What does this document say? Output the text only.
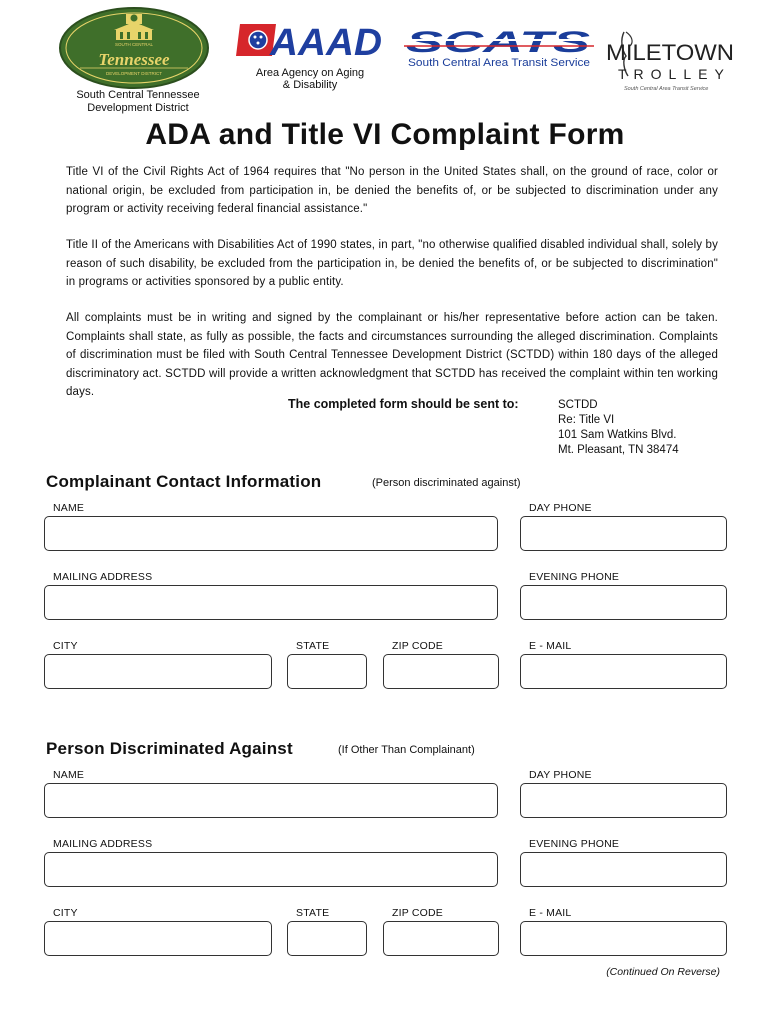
SOUTH CENTRAL
Tennessee
DEVELOPMENT DISTRICT
South Central Tennessee
Development District
AAAD
Area Agency on Aging
& Disability
SCATS
South Central Area Transit Service MILETOWN
TROLLEY
South Central Area Transit Service
ADA and Title VI Complaint Form
Title VI of the Civil Rights Act of 1964 requires that "No person in the United States shall, on the ground of race, color or national origin, be excluded from participation in, be denied the benefits of, or be subjected to discrimination under any program or activity receiving federal financial assistance."
Title II of the Americans with Disabilities Act of 1990 states, in part, "no otherwise qualified disabled individual shall, solely by reason of such disability, be excluded from the participation in, be denied the benefits of, or be subjected to discrimination" in programs or activities sponsored by a public entity.
All complaints must be in writing and signed by the complainant or his/her representative before action can be taken. Complaints shall state, as fully as possible, the facts and circumstances surrounding the alleged discrimination. Complaints of discrimination must be filed with South Central Tennessee Development District (SCTDD) within 180 days of the alleged discriminatory act. SCTDD will provide a written acknowledgment that SCTDD has received the complaint within ten working days.
The completed form should be sent to:	SCTDD
Re: Title VI
101 Sam Watkins Blvd.
Mt. Pleasant, TN 38474
Complainant Contact Information	(Person discriminated against)
NAME	DAY PHONE
MAILING ADDRESS	EVENING PHONE
CITY	STATE	ZIP CODE	E - MAIL
Person Discriminated Against	(If Other Than Complainant)
NAME	DAY PHONE
MAILING ADDRESS	EVENING PHONE
CITY	STATE	ZIP CODE	E - MAIL
(Continued On Reverse)
